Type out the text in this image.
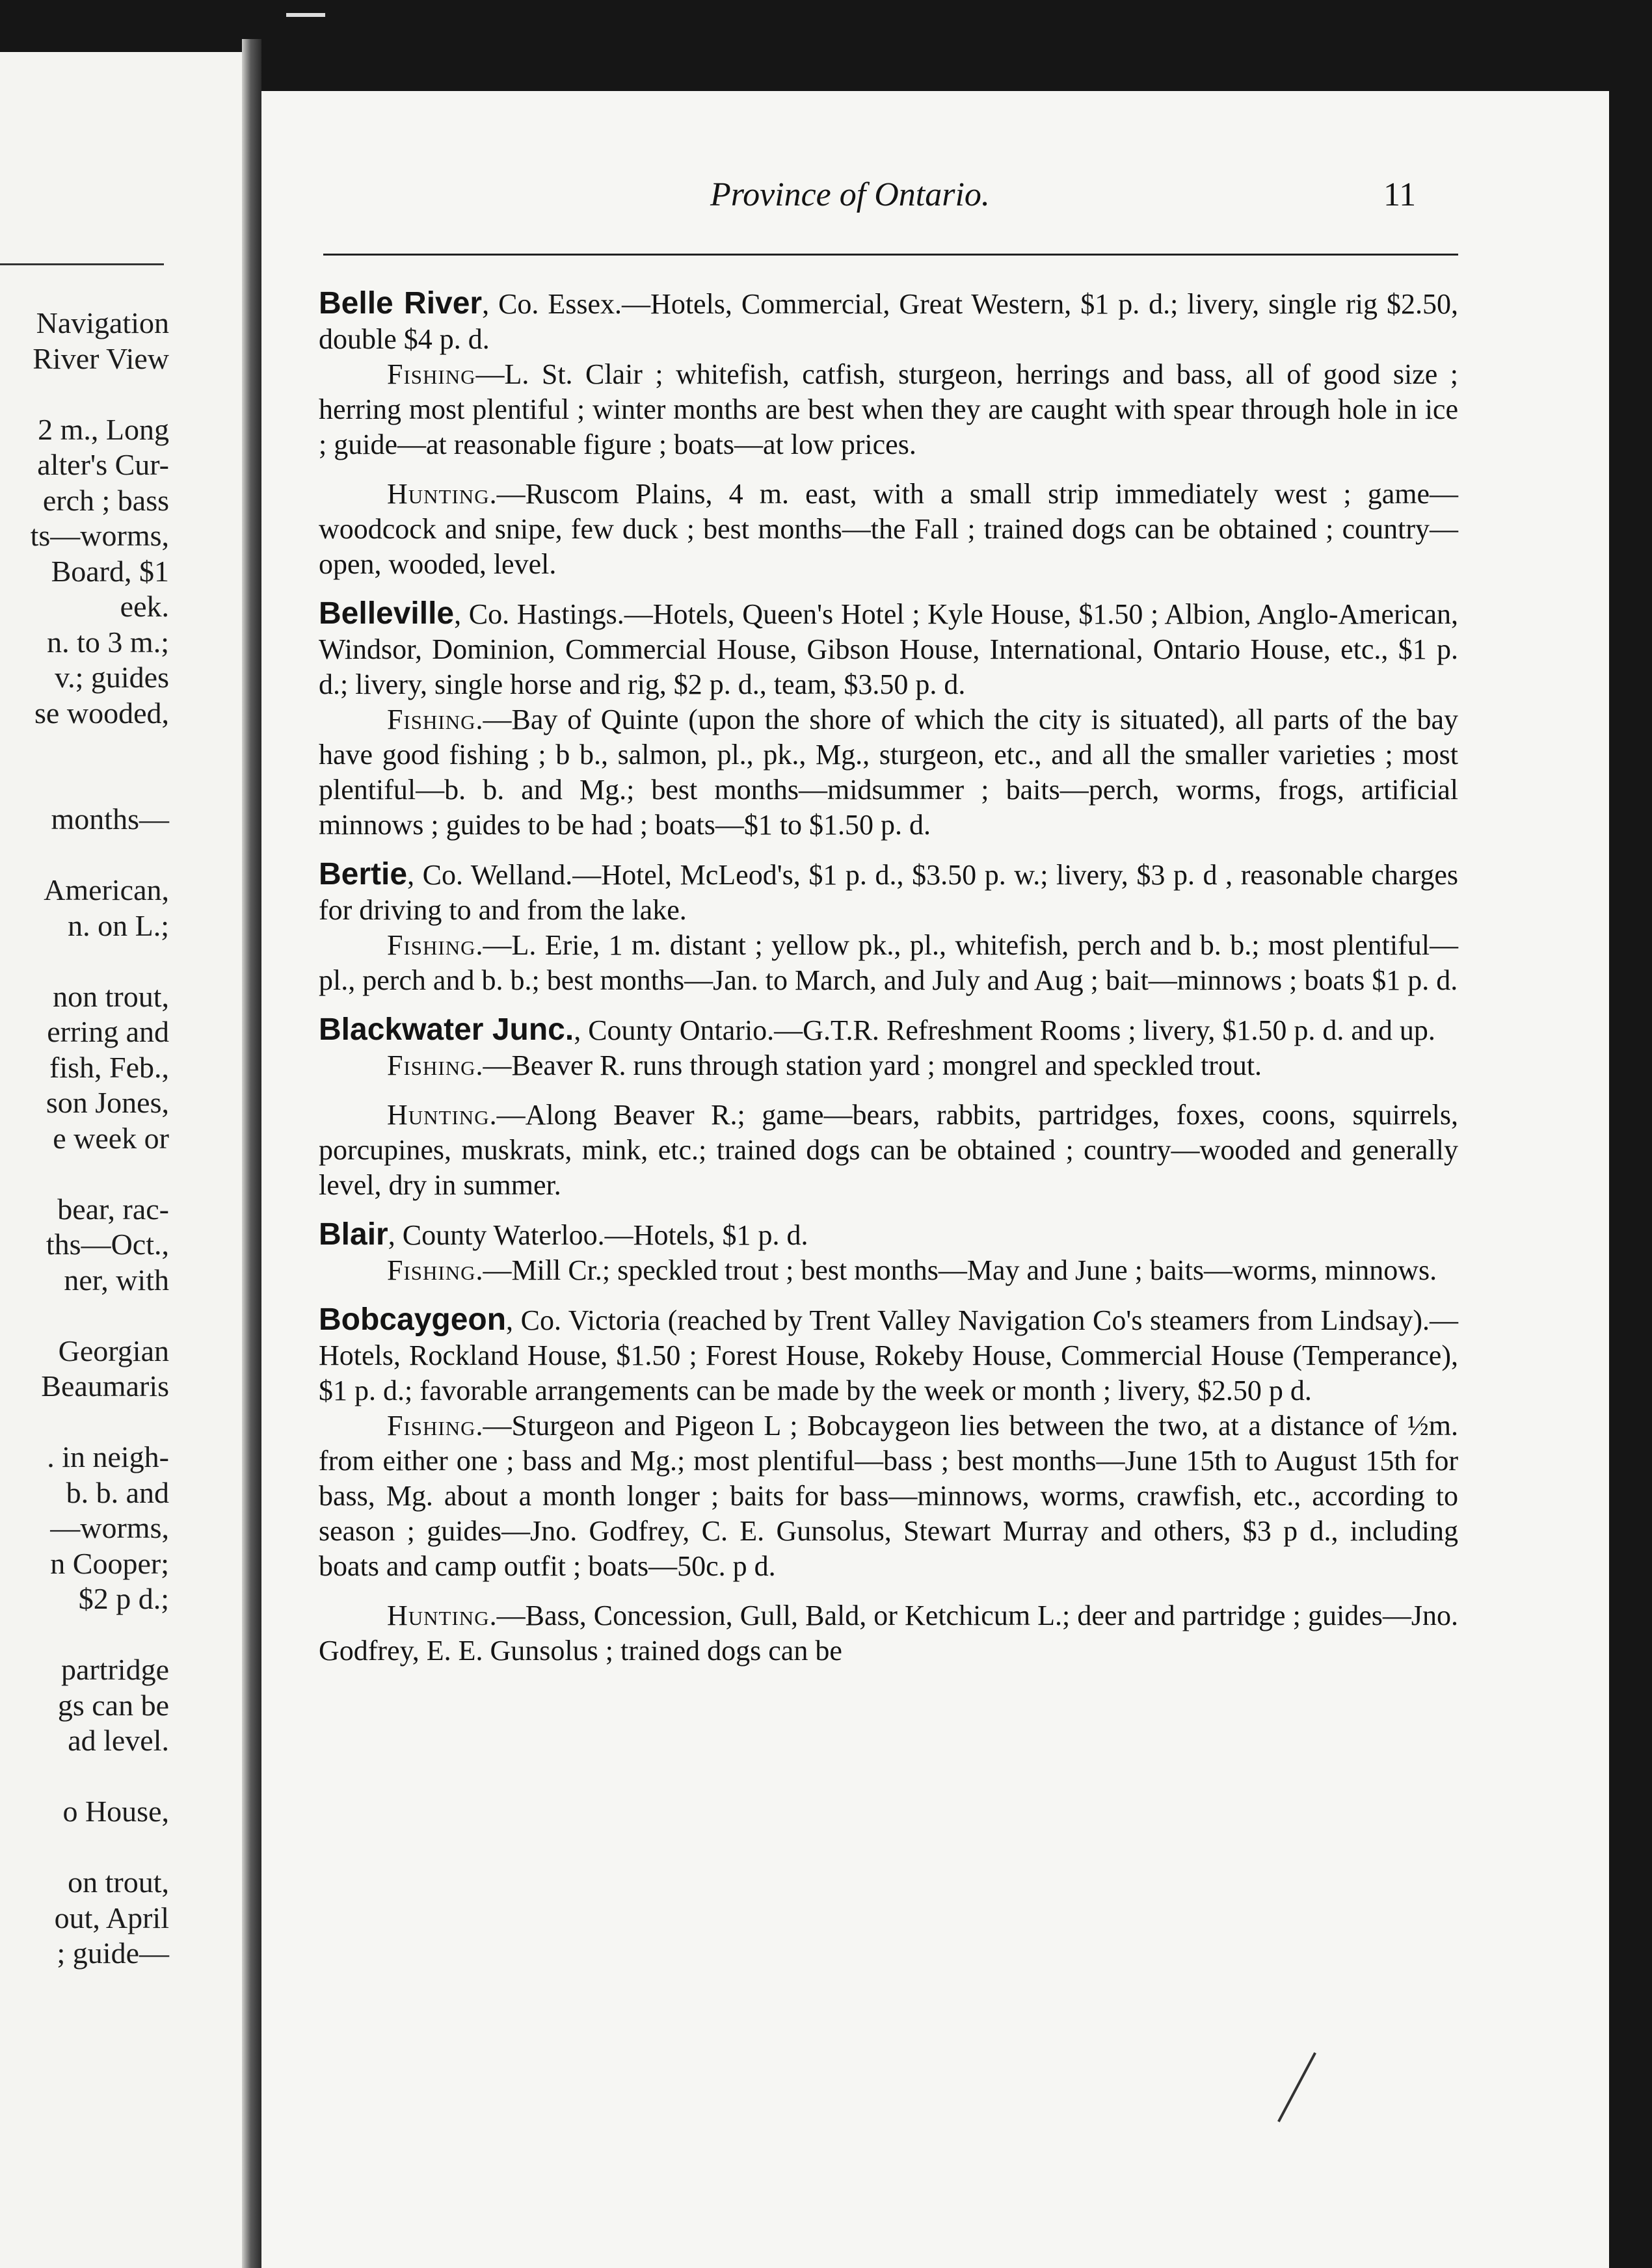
Navigation
River View
2 m., Long
alter's Cur-
erch ; bass
ts—worms,
Board, $1
eek.
n. to 3 m.;
v.; guides
se wooded,
months—
American,
n. on L.;
non trout,
erring and
fish, Feb.,
son Jones,
e week or
bear, rac-
ths—Oct.,
ner, with
Georgian
Beaumaris
. in neigh-
b. b. and
—worms,
n Cooper;
$2 p d.;
partridge
gs can be
ad level.
o House,
on trout,
out, April
; guide—
Province of Ontario.	11

Belle River, Co. Essex.—Hotels, Commercial, Great Western, $1 p. d.; livery, single rig $2.50, double $4 p. d.

Fishing—L. St. Clair ; whitefish, catfish, sturgeon, herrings and bass, all of good size ; herring most plentiful ; winter months are best when they are caught with spear through hole in ice ; guide—at reasonable figure ; boats—at low prices.

Hunting.—Ruscom Plains, 4 m. east, with a small strip immediately west ; game—woodcock and snipe, few duck ; best months—the Fall ; trained dogs can be obtained ; country—open, wooded, level.

Belleville, Co. Hastings.—Hotels, Queen's Hotel ; Kyle House, $1.50 ; Albion, Anglo-American, Windsor, Dominion, Commercial House, Gibson House, International, Ontario House, etc., $1 p. d.; livery, single horse and rig, $2 p. d., team, $3.50 p. d.

Fishing.—Bay of Quinte (upon the shore of which the city is situated), all parts of the bay have good fishing ; b b., salmon, pl., pk., Mg., sturgeon, etc., and all the smaller varieties ; most plentiful—b. b. and Mg.; best months—midsummer ; baits—perch, worms, frogs, artificial minnows ; guides to be had ; boats—$1 to $1.50 p. d.

Bertie, Co. Welland.—Hotel, McLeod's, $1 p. d., $3.50 p. w.; livery, $3 p. d , reasonable charges for driving to and from the lake.

Fishing.—L. Erie, 1 m. distant ; yellow pk., pl., whitefish, perch and b. b.; most plentiful—pl., perch and b. b.; best months—Jan. to March, and July and Aug ; bait—minnows ; boats $1 p. d.

Blackwater Junc., County Ontario.—G.T.R. Refreshment Rooms ; livery, $1.50 p. d. and up.

Fishing.—Beaver R. runs through station yard ; mongrel and speckled trout.

Hunting.—Along Beaver R.; game—bears, rabbits, partridges, foxes, coons, squirrels, porcupines, muskrats, mink, etc.; trained dogs can be obtained ; country—wooded and generally level, dry in summer.

Blair, County Waterloo.—Hotels, $1 p. d.

Fishing.—Mill Cr.; speckled trout ; best months—May and June ; baits—worms, minnows.

Bobcaygeon, Co. Victoria (reached by Trent Valley Navigation Co's steamers from Lindsay).—Hotels, Rockland House, $1.50 ; Forest House, Rokeby House, Commercial House (Temperance), $1 p. d.; favorable arrangements can be made by the week or month ; livery, $2.50 p d.

Fishing.—Sturgeon and Pigeon L ; Bobcaygeon lies between the two, at a distance of ½m. from either one ; bass and Mg.; most plentiful—bass ; best months—June 15th to August 15th for bass, Mg. about a month longer ; baits for bass—minnows, worms, crawfish, etc., according to season ; guides—Jno. Godfrey, C. E. Gunsolus, Stewart Murray and others, $3 p d., including boats and camp outfit ; boats—50c. p d.

Hunting.—Bass, Concession, Gull, Bald, or Ketchicum L.; deer and partridge ; guides—Jno. Godfrey, E. E. Gunsolus ; trained dogs can be
